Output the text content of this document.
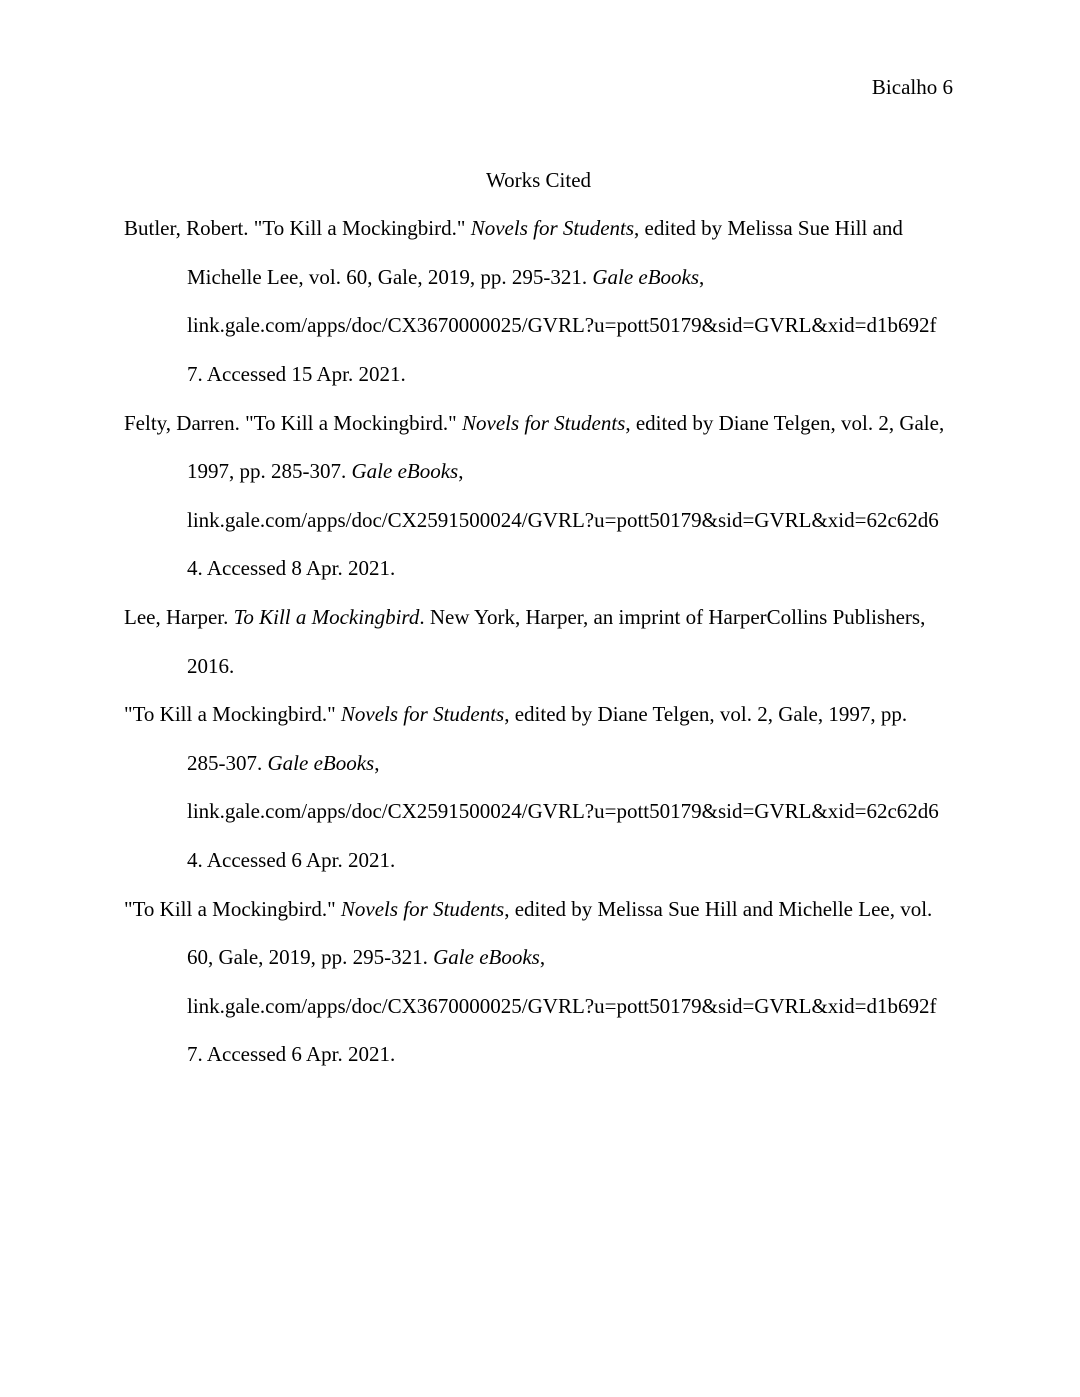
Bicalho 6
Works Cited
Butler, Robert. "To Kill a Mockingbird." Novels for Students, edited by Melissa Sue Hill and
Michelle Lee, vol. 60, Gale, 2019, pp. 295-321. Gale eBooks,
link.gale.com/apps/doc/CX3670000025/GVRL?u=pott50179&sid=GVRL&xid=d1b692f
7. Accessed 15 Apr. 2021.
Felty, Darren. "To Kill a Mockingbird." Novels for Students, edited by Diane Telgen, vol. 2, Gale,
1997, pp. 285-307. Gale eBooks,
link.gale.com/apps/doc/CX2591500024/GVRL?u=pott50179&sid=GVRL&xid=62c62d6
4. Accessed 8 Apr. 2021.
Lee, Harper. To Kill a Mockingbird. New York, Harper, an imprint of HarperCollins Publishers,
2016.
"To Kill a Mockingbird." Novels for Students, edited by Diane Telgen, vol. 2, Gale, 1997, pp.
285-307. Gale eBooks,
link.gale.com/apps/doc/CX2591500024/GVRL?u=pott50179&sid=GVRL&xid=62c62d6
4. Accessed 6 Apr. 2021.
"To Kill a Mockingbird." Novels for Students, edited by Melissa Sue Hill and Michelle Lee, vol.
60, Gale, 2019, pp. 295-321. Gale eBooks,
link.gale.com/apps/doc/CX3670000025/GVRL?u=pott50179&sid=GVRL&xid=d1b692f
7. Accessed 6 Apr. 2021.
